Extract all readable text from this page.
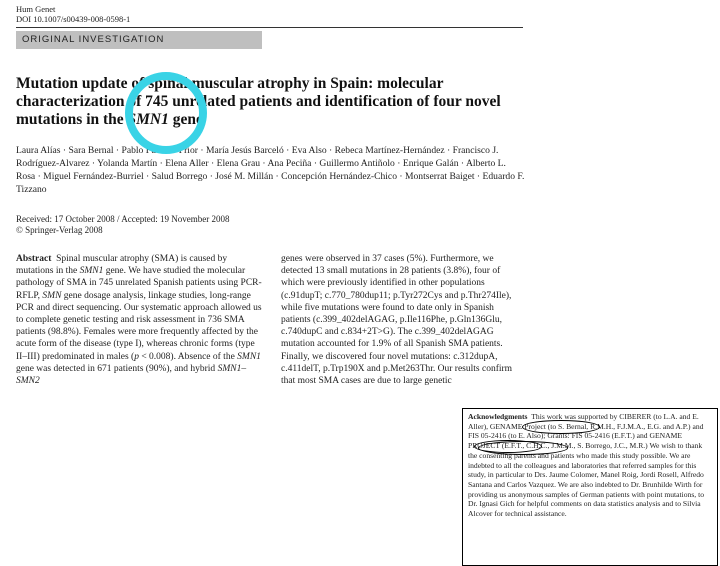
Hum Genet
DOI 10.1007/s00439-008-0598-1
ORIGINAL INVESTIGATION
Mutation update of spinal muscular atrophy in Spain: molecular characterization of 745 unrelated patients and identification of four novel mutations in the SMN1 gene
Laura Alías · Sara Bernal · Pablo Fuentes-Prior · María Jesús Barceló · Eva Also · Rebeca Martínez-Hernández · Francisco J. Rodríguez-Alvarez · Yolanda Martín · Elena Aller · Elena Grau · Ana Peciña · Guillermo Antiñolo · Enrique Galán · Alberto L. Rosa · Miguel Fernández-Burriel · Salud Borrego · José M. Millán · Concepción Hernández-Chico · Montserrat Baiget · Eduardo F. Tizzano
Received: 17 October 2008 / Accepted: 19 November 2008
© Springer-Verlag 2008
Abstract Spinal muscular atrophy (SMA) is caused by mutations in the SMN1 gene. We have studied the molecular pathology of SMA in 745 unrelated Spanish patients using PCR-RFLP, SMN gene dosage analysis, linkage studies, long-range PCR and direct sequencing. Our systematic approach allowed us to complete genetic testing and risk assessment in 736 SMA patients (98.8%). Females were more frequently affected by the acute form of the disease (type I), whereas chronic forms (type II–III) predominated in males (p < 0.008). Absence of the SMN1 gene was detected in 671 patients (90%), and hybrid SMN1–SMN2
genes were observed in 37 cases (5%). Furthermore, we detected 13 small mutations in 28 patients (3.8%), four of which were previously identified in other populations (c.91dupT; c.770_780dup11; p.Tyr272Cys and p.Thr274Ile), while five mutations were found to date only in Spanish patients (c.399_402delAGAG, p.Ile116Phe, p.Gln136Glu, c.740dupC and c.834+2T>G). The c.399_402delAGAG mutation accounted for 1.9% of all Spanish SMA patients. Finally, we discovered four novel mutations: c.312dupA, c.411delT, p.Trp190X and p.Met263Thr. Our results confirm that most SMA cases are due to large genetic
Acknowledgments This work was supported by CIBERER (to L.A. and E. Aller), GENAME Project (to S. Bernal, R.M.H., F.J.M.A., E.G. and A.P.) and FIS 05-2416 (to E. Also); Grants: FIS 05-2416 (E.F.T.) and GENAME PROJECT (E.F.T., C.H.C., J.M.M., S. Borrego, J.C., M.R.) We wish to thank the consenting parents and patients who made this study possible. We are indebted to all the colleagues and laboratories that referred samples for this study, in particular to Drs. Jaume Colomer, Manel Roig, Jordi Rosell, Alfredo Santana and Carlos Vazquez. We are also indebted to Dr. Brunhilde Wirth for providing us anonymous samples of German patients with point mutations, to Dr. Ignasi Gich for helpful comments on data statistics analysis and to Silvia Alcover for technical assistance.
